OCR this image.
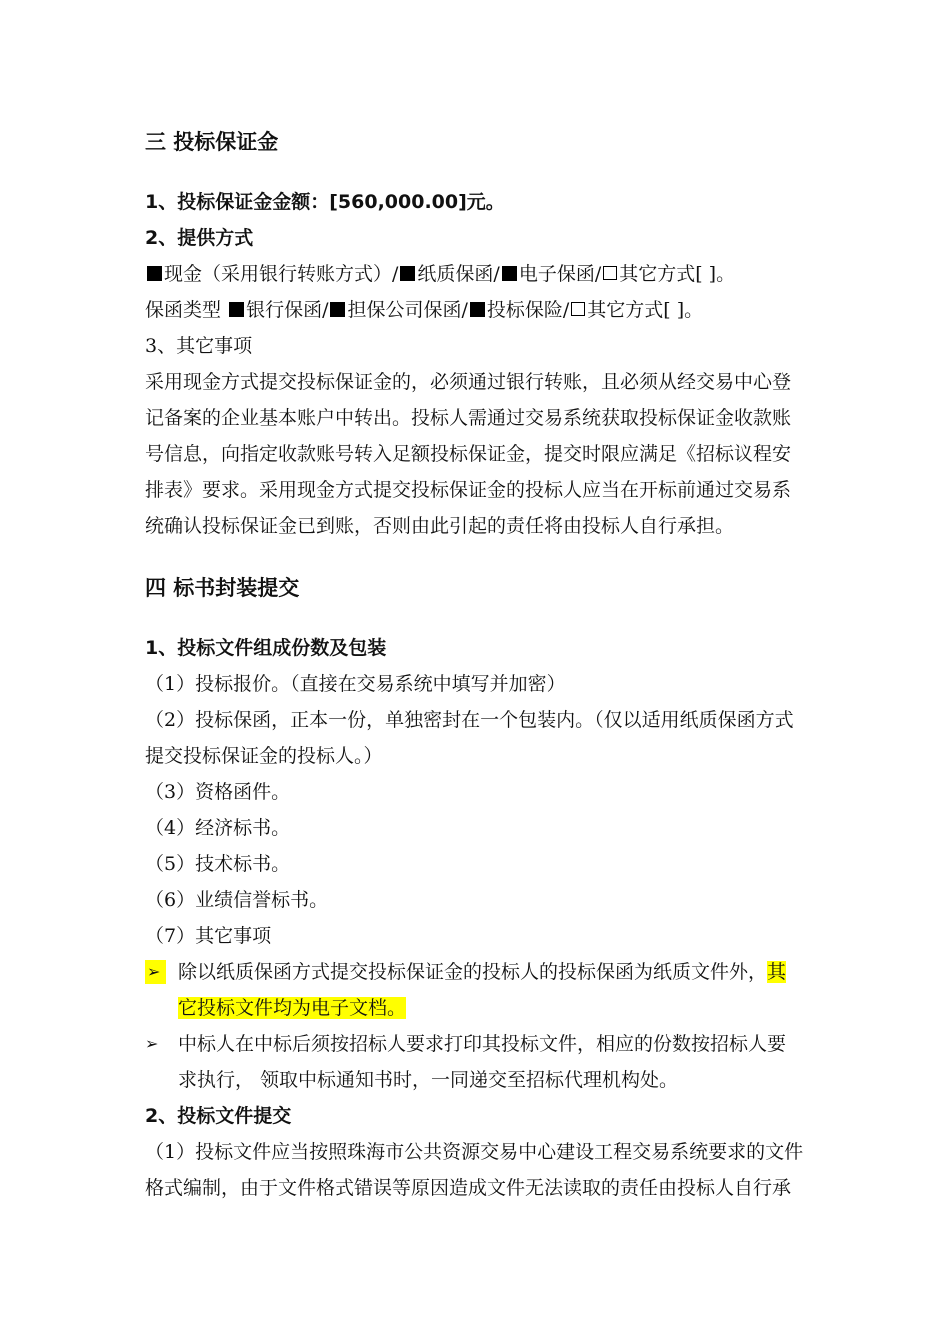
三 投标保证金
1、投标保证金金额：[560,000.00]元。
2、提供方式
现金（采用银行转账方式）/ 纸质保函/ 电子保函/ 其它方式[ ]。
保函类型 银行保函/ 担保公司保函/ 投标保险/ 其它方式[ ]。
3、其它事项
采用现金方式提交投标保证金的，必须通过银行转账，且必须从经交易中心登
记备案的企业基本账户中转出。投标人需通过交易系统获取投标保证金收款账
号信息，向指定收款账号转入足额投标保证金，提交时限应满足《招标议程安
排表》要求。采用现金方式提交投标保证金的投标人应当在开标前通过交易系
统确认投标保证金已到账，否则由此引起的责任将由投标人自行承担。
四 标书封装提交
1、投标文件组成份数及包装
（1）投标报价。（直接在交易系统中填写并加密）
（2）投标保函，正本一份，单独密封在一个包装内。（仅以适用纸质保函方式
提交投标保证金的投标人。）
（3）资格函件。
（4）经济标书。
（5）技术标书。
（6）业绩信誉标书。
（7）其它事项
➢ 除以纸质保函方式提交投标保证金的投标人的投标保函为纸质文件外，其
它投标文件均为电子文档。
➢ 中标人在中标后须按招标人要求打印其投标文件，相应的份数按招标人要
求执行， 领取中标通知书时，一同递交至招标代理机构处。
2、投标文件提交
（1）投标文件应当按照珠海市公共资源交易中心建设工程交易系统要求的文件
格式编制，由于文件格式错误等原因造成文件无法读取的责任由投标人自行承
